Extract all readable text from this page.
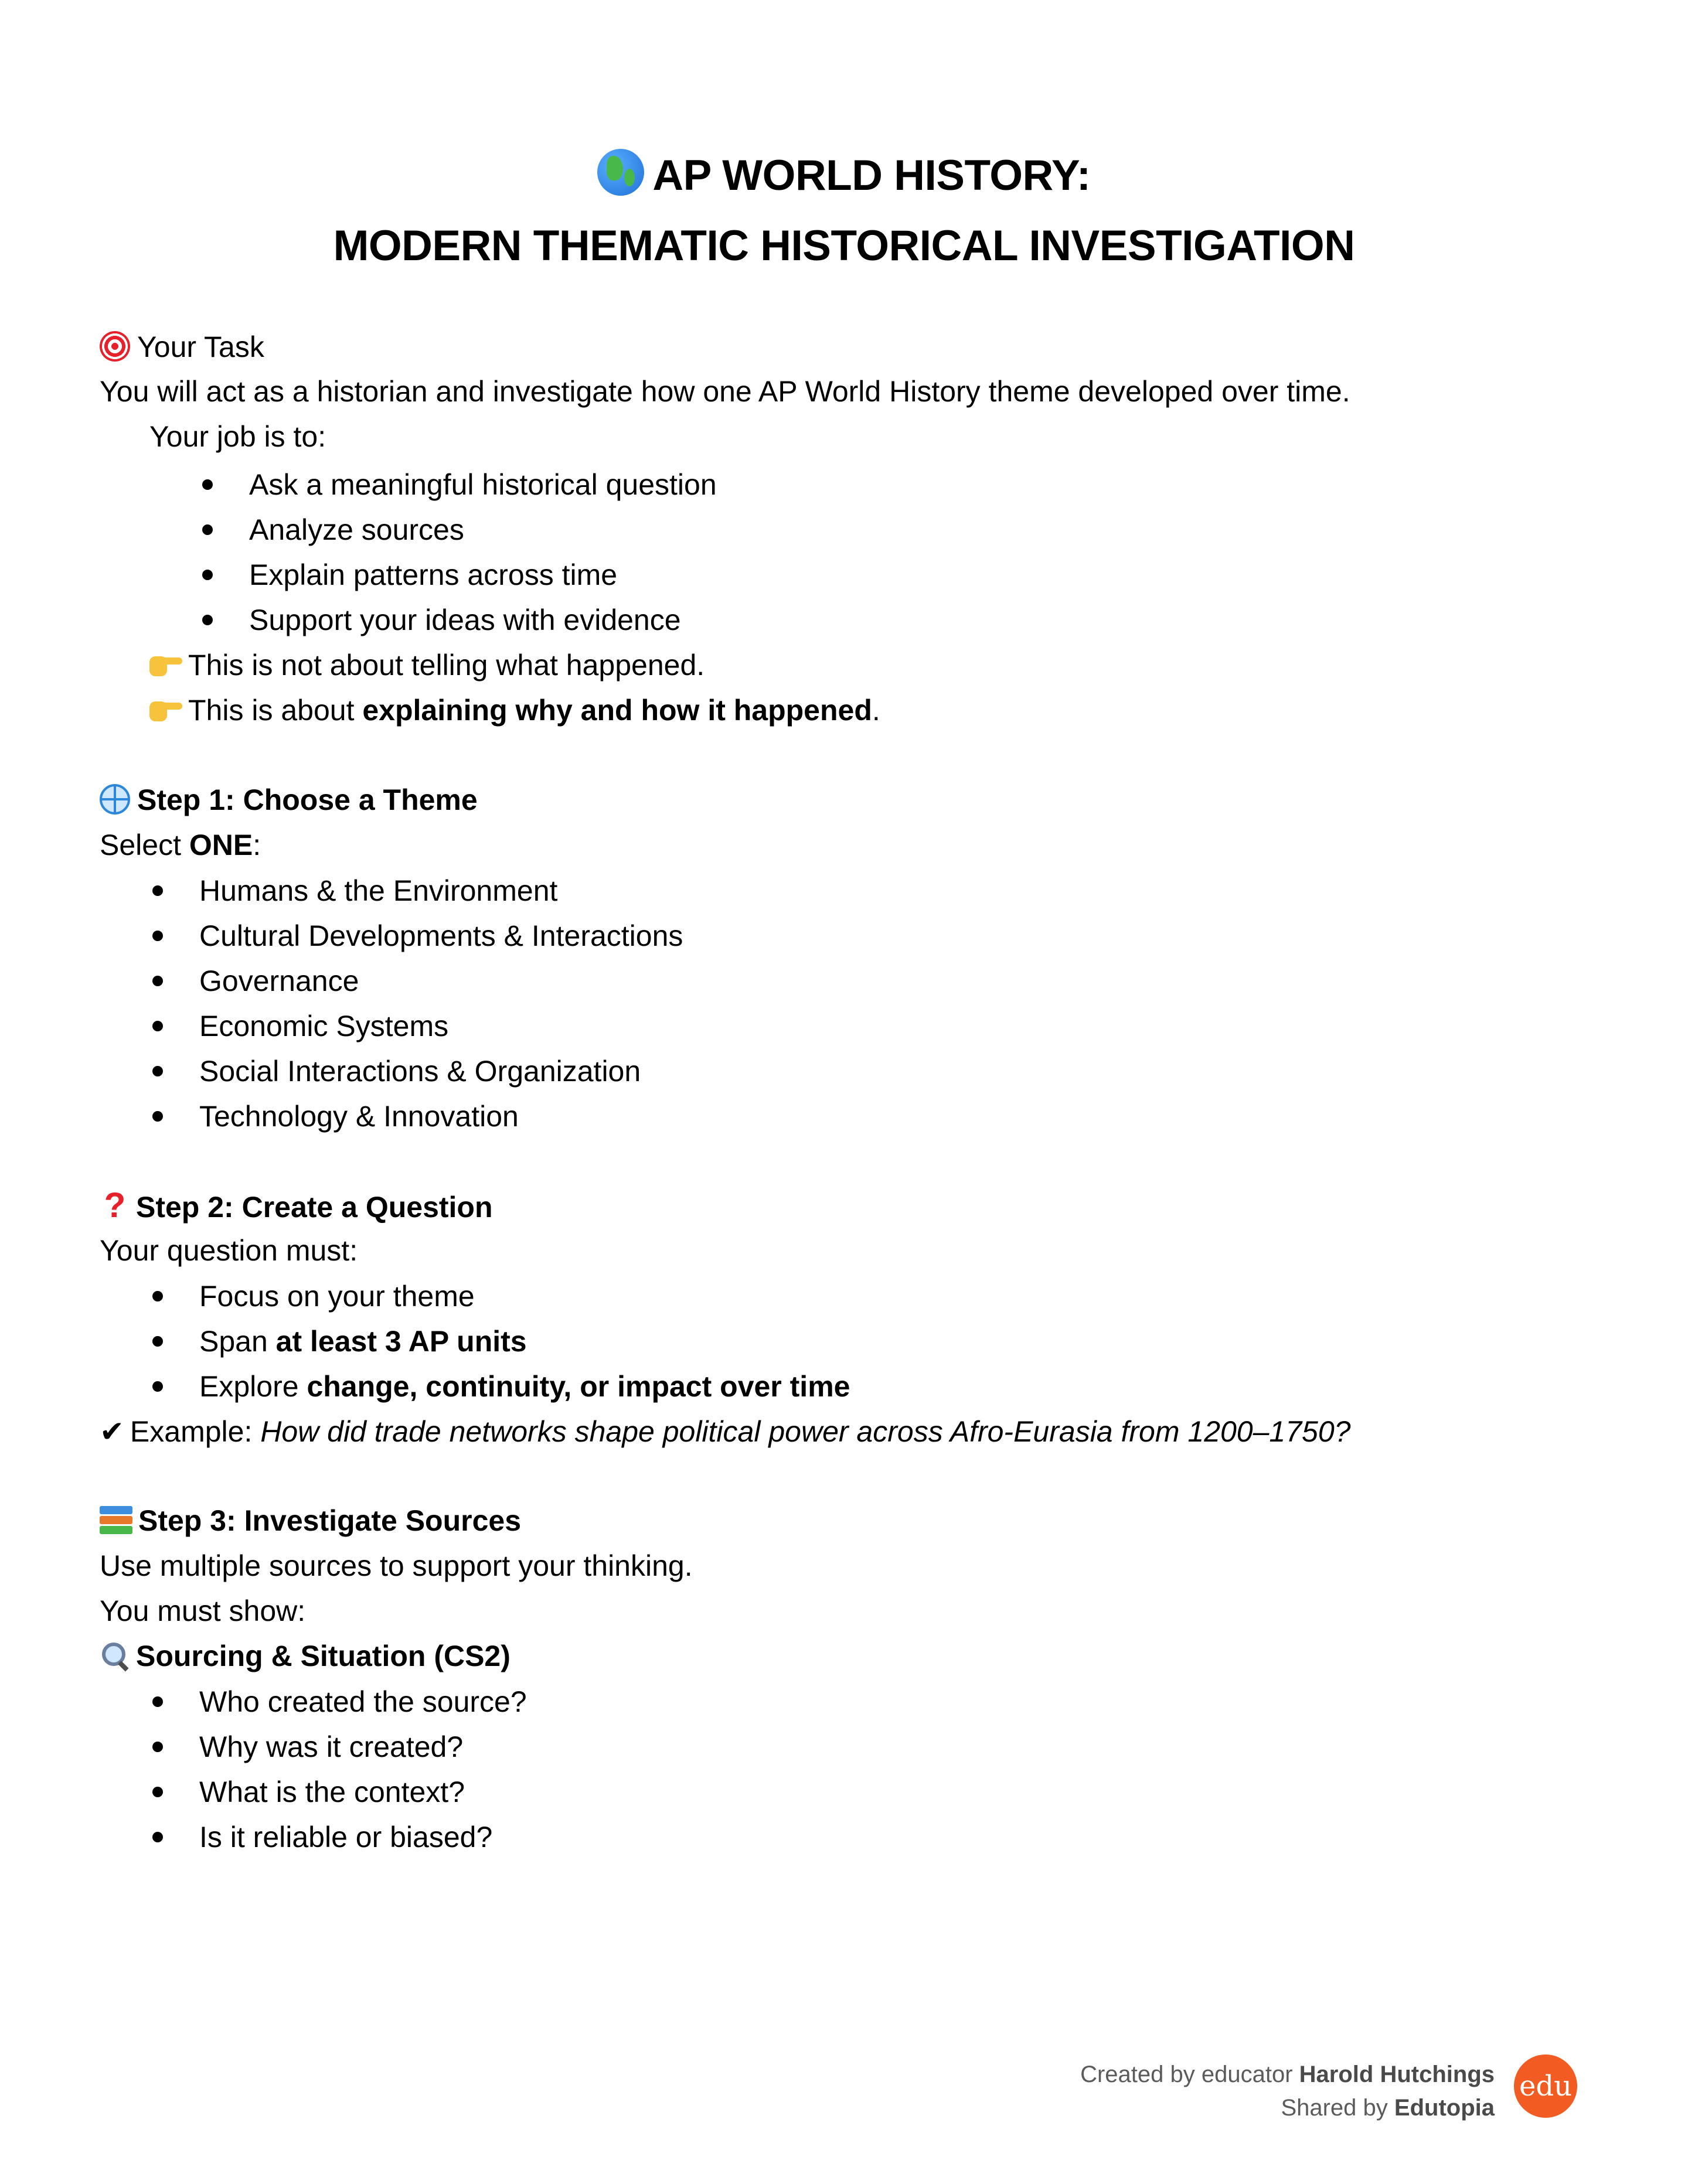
AP WORLD HISTORY:
MODERN THEMATIC HISTORICAL INVESTIGATION
Your Task
You will act as a historian and investigate how one AP World History theme developed over time.
Your job is to:
Ask a meaningful historical question
Analyze sources
Explain patterns across time
Support your ideas with evidence
This is not about telling what happened.
This is about explaining why and how it happened.
Step 1: Choose a Theme
Select ONE:
Humans & the Environment
Cultural Developments & Interactions
Governance
Economic Systems
Social Interactions & Organization
Technology & Innovation
? Step 2: Create a Question
Your question must:
Focus on your theme
Span at least 3 AP units
Explore change, continuity, or impact over time
✔ Example: How did trade networks shape political power across Afro-Eurasia from 1200–1750?
Step 3: Investigate Sources
Use multiple sources to support your thinking.
You must show:
Sourcing & Situation (CS2)
Who created the source?
Why was it created?
What is the context?
Is it reliable or biased?
Created by educator Harold Hutchings
Shared by Edutopia
edu
